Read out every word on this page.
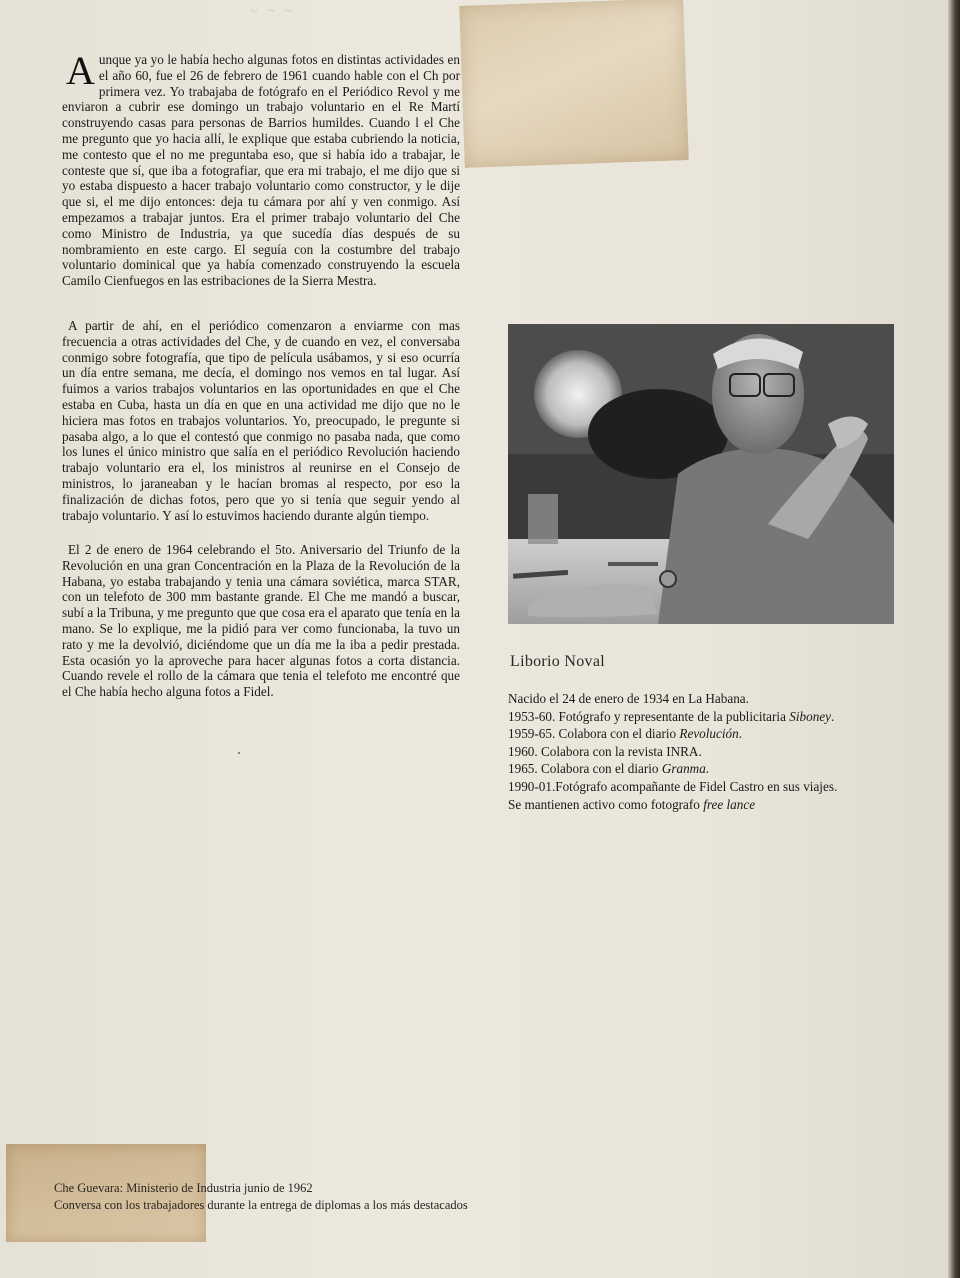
~ ~ ~
Aunque ya yo le había hecho algunas fotos en distintas actividades en el año 60, fue el 26 de febrero de 1961 cuando hable con el Ch por primera vez. Yo trabajaba de fotógrafo en el Periódico Revol y me enviaron a cubrir ese domingo un trabajo voluntario en el Re Martí construyendo casas para personas de Barrios humildes. Cuando l el Che me pregunto que yo hacia allí, le explique que estaba cubriendo la noticia, me contesto que el no me preguntaba eso, que si había ido a trabajar, le conteste que sí, que iba a fotografiar, que era mi trabajo, el me dijo que si yo estaba dispuesto a hacer trabajo voluntario como constructor, y le dije que si, el me dijo entonces: deja tu cámara por ahí y ven conmigo. Así empezamos a trabajar juntos. Era el primer trabajo voluntario del Che como Ministro de Industria, ya que sucedía días después de su nombramiento en este cargo. El seguía con la costumbre del trabajo voluntario dominical que ya había comenzado construyendo la escuela Camilo Cienfuegos en las estribaciones de la Sierra Mestra.

A partir de ahí, en el periódico comenzaron a enviarme con mas frecuencia a otras actividades del Che, y de cuando en vez, el conversaba conmigo sobre fotografía, que tipo de película usábamos, y si eso ocurría un día entre semana, me decía, el domingo nos vemos en tal lugar. Así fuimos a varios trabajos voluntarios en las oportunidades en que el Che estaba en Cuba, hasta un día en que en una actividad me dijo que no le hiciera mas fotos en trabajos voluntarios. Yo, preocupado, le pregunte si pasaba algo, a lo que el contestó que conmigo no pasaba nada, que como los lunes el único ministro que salía en el periódico Revolución haciendo trabajo voluntario era el, los ministros al reunirse en el Consejo de ministros, lo jaraneaban y le hacían bromas al respecto, por eso la finalización de dichas fotos, pero que yo si tenía que seguir yendo al trabajo voluntario. Y así lo estuvimos haciendo durante algún tiempo.

El 2 de enero de 1964 celebrando el 5to. Aniversario del Triunfo de la Revolución en una gran Concentración en la Plaza de la Revolución de la Habana, yo estaba trabajando y tenia una cámara soviética, marca STAR, con un telefoto de 300 mm bastante grande. El Che me mandó a buscar, subí a la Tribuna, y me pregunto que que cosa era el aparato que tenía en la mano. Se lo explique, me la pidió para ver como funcionaba, la tuvo un rato y me la devolvió, diciéndome que un día me la iba a pedir prestada. Esta ocasión yo la aproveche para hacer algunas fotos a corta distancia. Cuando revele el rollo de la cámara que tenia el telefoto me encontré que el Che había hecho alguna fotos a Fidel.

Liborio Noval

Nacido el 24 de enero de 1934 en La Habana.
1953-60. Fotógrafo y representante de la publicitaria Siboney.
1959-65. Colabora con el diario Revolución.
1960. Colabora con la revista INRA.
1965. Colabora con el diario Granma.
1990-01.Fotógrafo acompañante de Fidel Castro en sus viajes.
Se mantienen activo como fotografo free lance
Che Guevara: Ministerio de Industria junio de 1962
Conversa con los trabajadores durante la entrega de diplomas a los más destacados
